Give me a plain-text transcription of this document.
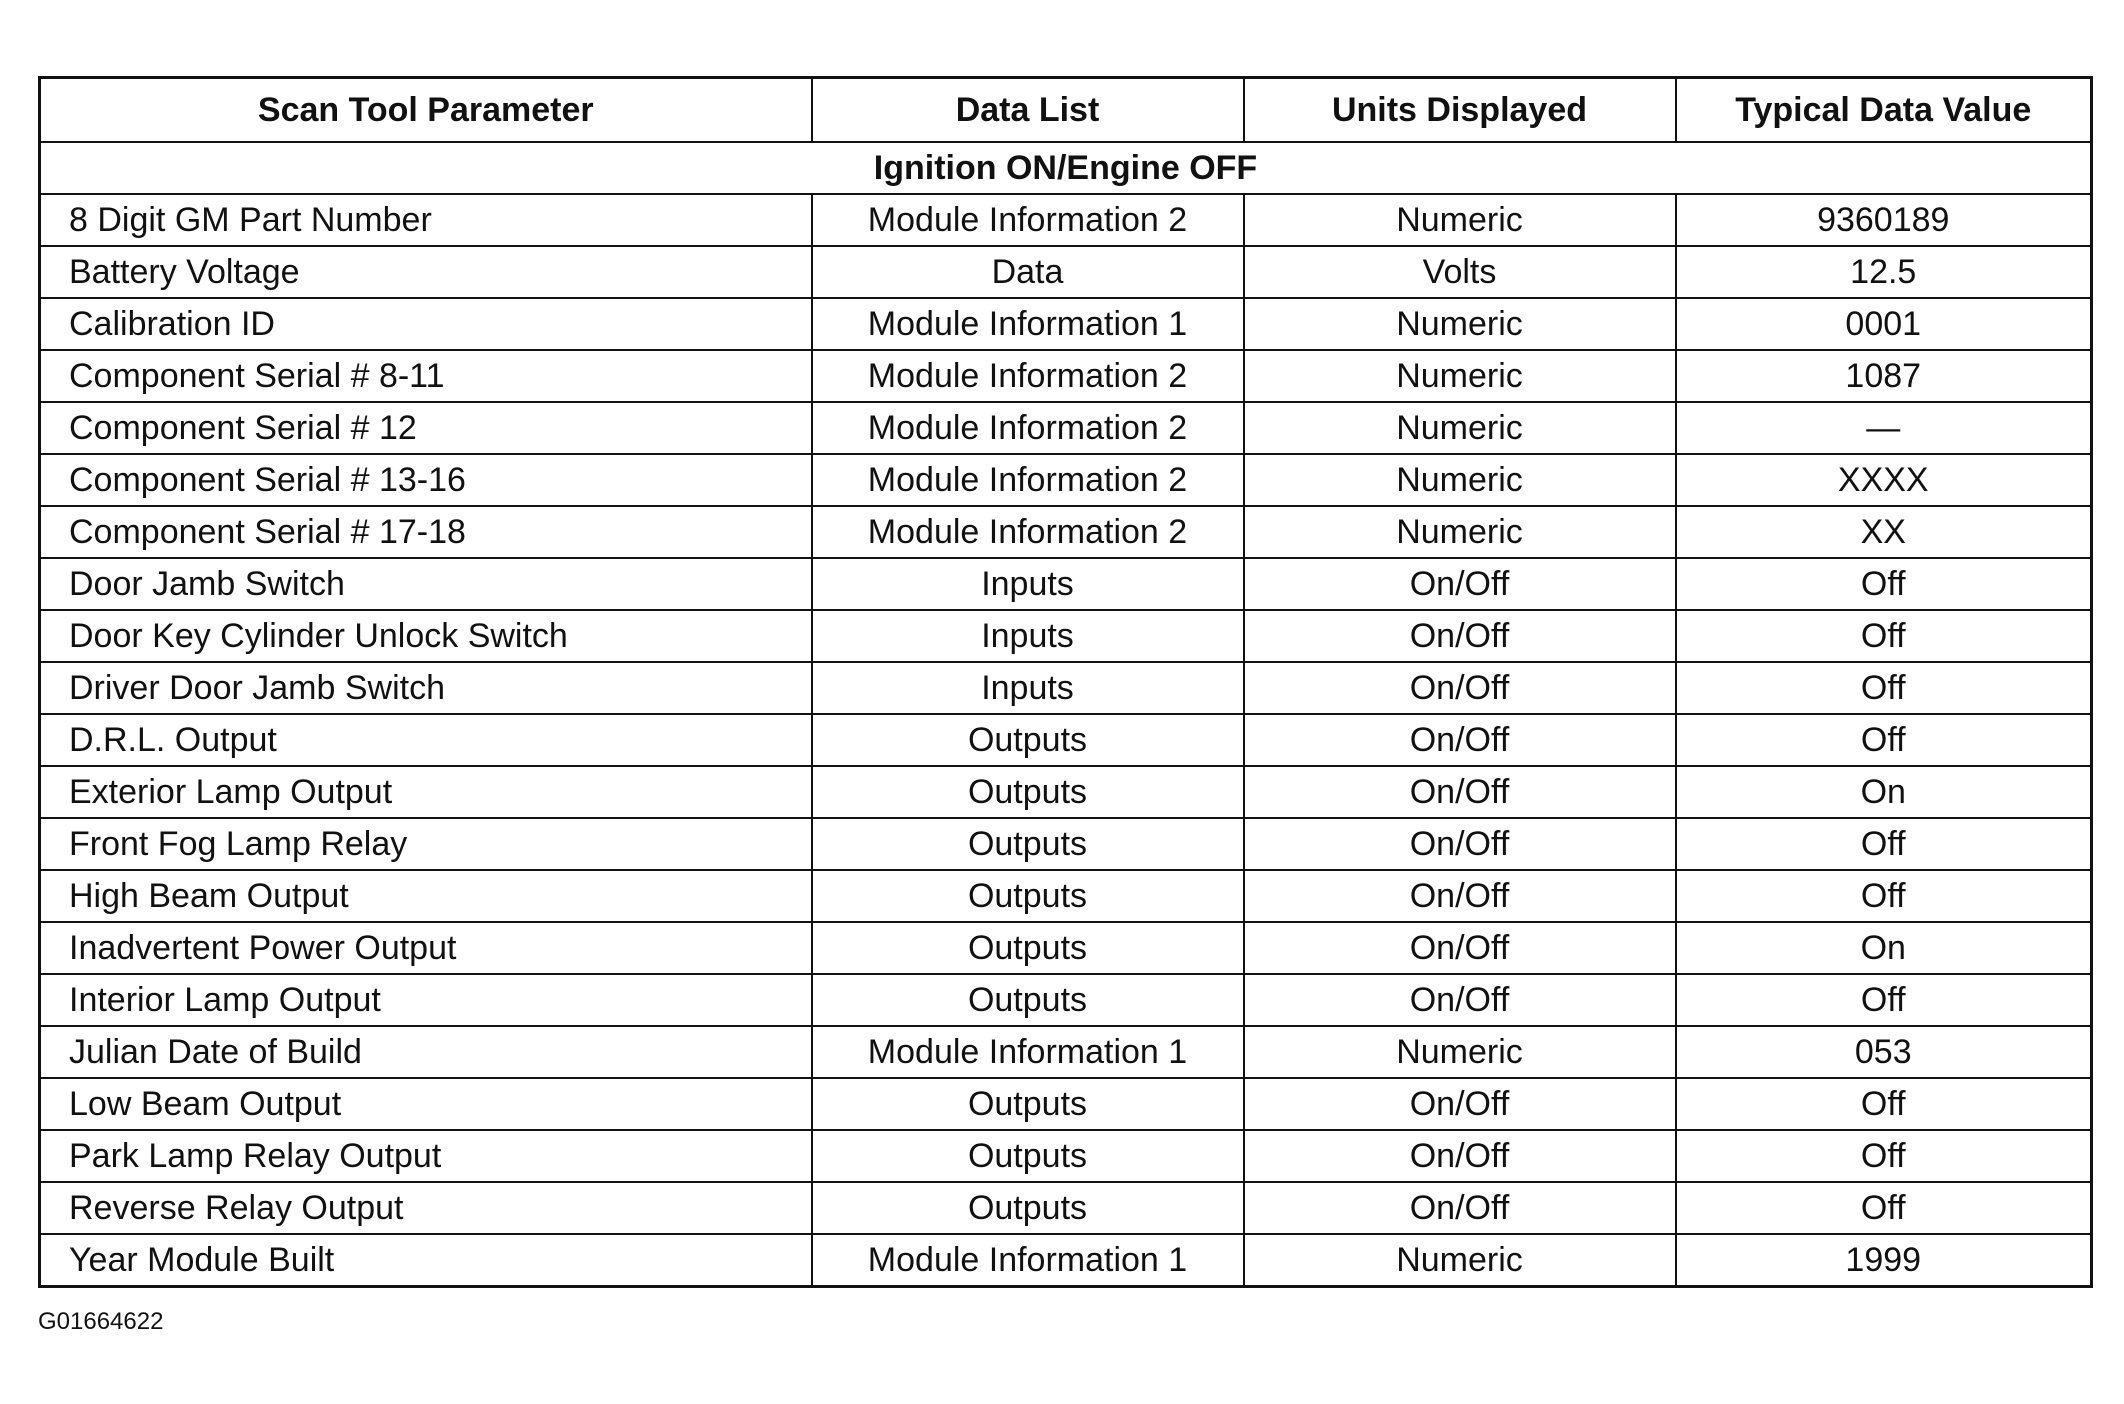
Scan Tool Parameter	Data List	Units Displayed	Typical Data Value
Ignition ON/Engine OFF			
8 Digit GM Part Number	Module Information 2	Numeric	9360189
Battery Voltage	Data	Volts	12.5
Calibration ID	Module Information 1	Numeric	0001
Component Serial # 8-11	Module Information 2	Numeric	1087
Component Serial # 12	Module Information 2	Numeric	—
Component Serial # 13-16	Module Information 2	Numeric	XXXX
Component Serial # 17-18	Module Information 2	Numeric	XX
Door Jamb Switch	Inputs	On/Off	Off
Door Key Cylinder Unlock Switch	Inputs	On/Off	Off
Driver Door Jamb Switch	Inputs	On/Off	Off
D.R.L. Output	Outputs	On/Off	Off
Exterior Lamp Output	Outputs	On/Off	On
Front Fog Lamp Relay	Outputs	On/Off	Off
High Beam Output	Outputs	On/Off	Off
Inadvertent Power Output	Outputs	On/Off	On
Interior Lamp Output	Outputs	On/Off	Off
Julian Date of Build	Module Information 1	Numeric	053
Low Beam Output	Outputs	On/Off	Off
Park Lamp Relay Output	Outputs	On/Off	Off
Reverse Relay Output	Outputs	On/Off	Off
Year Module Built	Module Information 1	Numeric	1999
G01664622
